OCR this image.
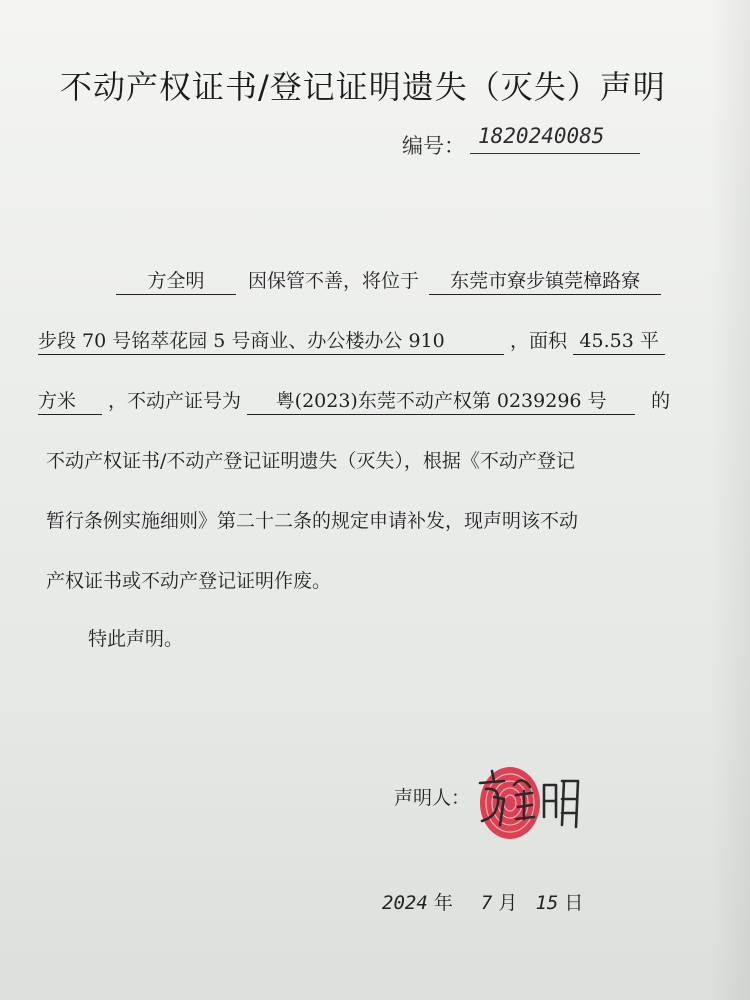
不动产权证书/登记证明遗失（灭失）声明
编号： 1820240085
方全明 因保管不善，将位于 东莞市寮步镇莞樟路寮
步段 70 号铭萃花园 5 号商业、办公楼办公 910	，面积 45.53 平
方米 ，不动产证号为 粤(2023)东莞不动产权第 0239296 号 的
不动产权证书/不动产登记证明遗失（灭失），根据《不动产登记
暂行条例实施细则》第二十二条的规定申请补发，现声明该不动
产权证书或不动产登记证明作废。
特此声明。
声明人：
2024 年 7 月 15 日
